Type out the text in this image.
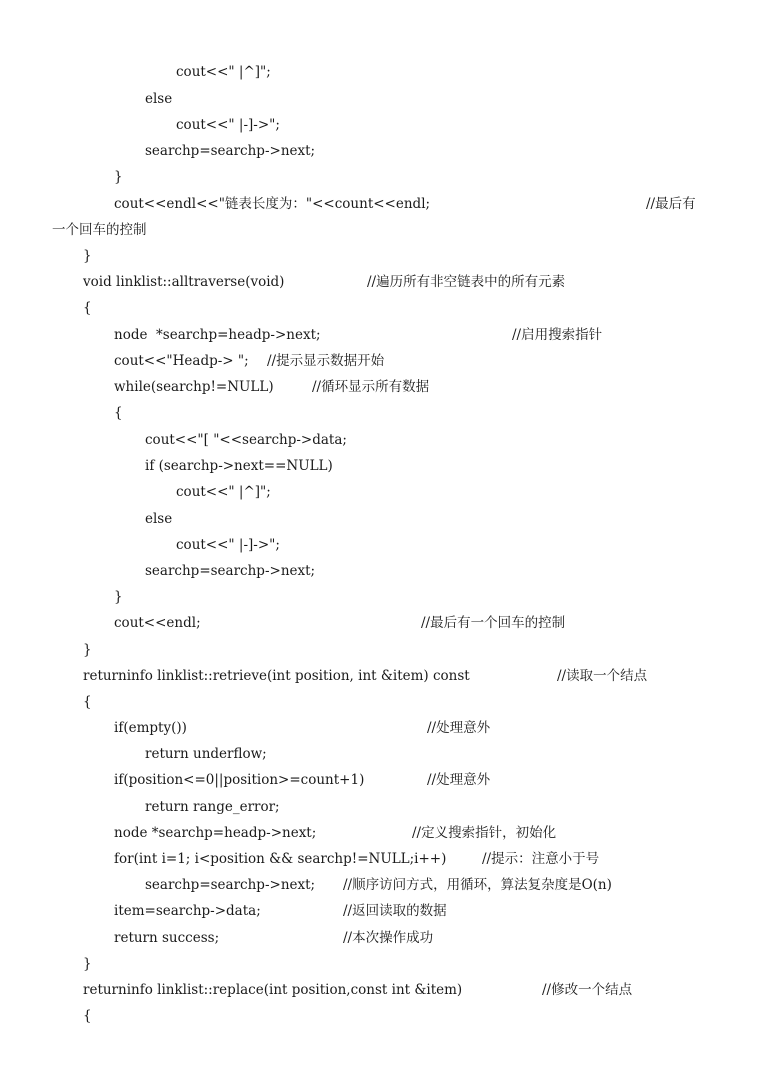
cout<<" |^]";
else
cout<<" |-]->";
searchp=searchp->next;
}
cout<<endl<<"链表长度为："<<count<<endl;	//最后有
一个回车的控制
}
void linklist::alltraverse(void)	//遍历所有非空链表中的所有元素
{
node  *searchp=headp->next;	//启用搜索指针
cout<<"Headp-> "; //提示显示数据开始
while(searchp!=NULL)	//循环显示所有数据
{
cout<<"[ "<<searchp->data;
if (searchp->next==NULL)
cout<<" |^]";
else
cout<<" |-]->";
searchp=searchp->next;
}
cout<<endl;	//最后有一个回车的控制
}
returninfo linklist::retrieve(int position, int &item) const	//读取一个结点
{
if(empty())	//处理意外
return underflow;
if(position<=0||position>=count+1)	//处理意外
return range_error;
node *searchp=headp->next;	//定义搜索指针，初始化
for(int i=1; i<position && searchp!=NULL;i++)	//提示：注意小于号
searchp=searchp->next; //顺序访问方式，用循环，算法复杂度是O(n)
item=searchp->data;	//返回读取的数据
return success;	//本次操作成功
}
returninfo linklist::replace(int position,const int &item)	//修改一个结点
{
